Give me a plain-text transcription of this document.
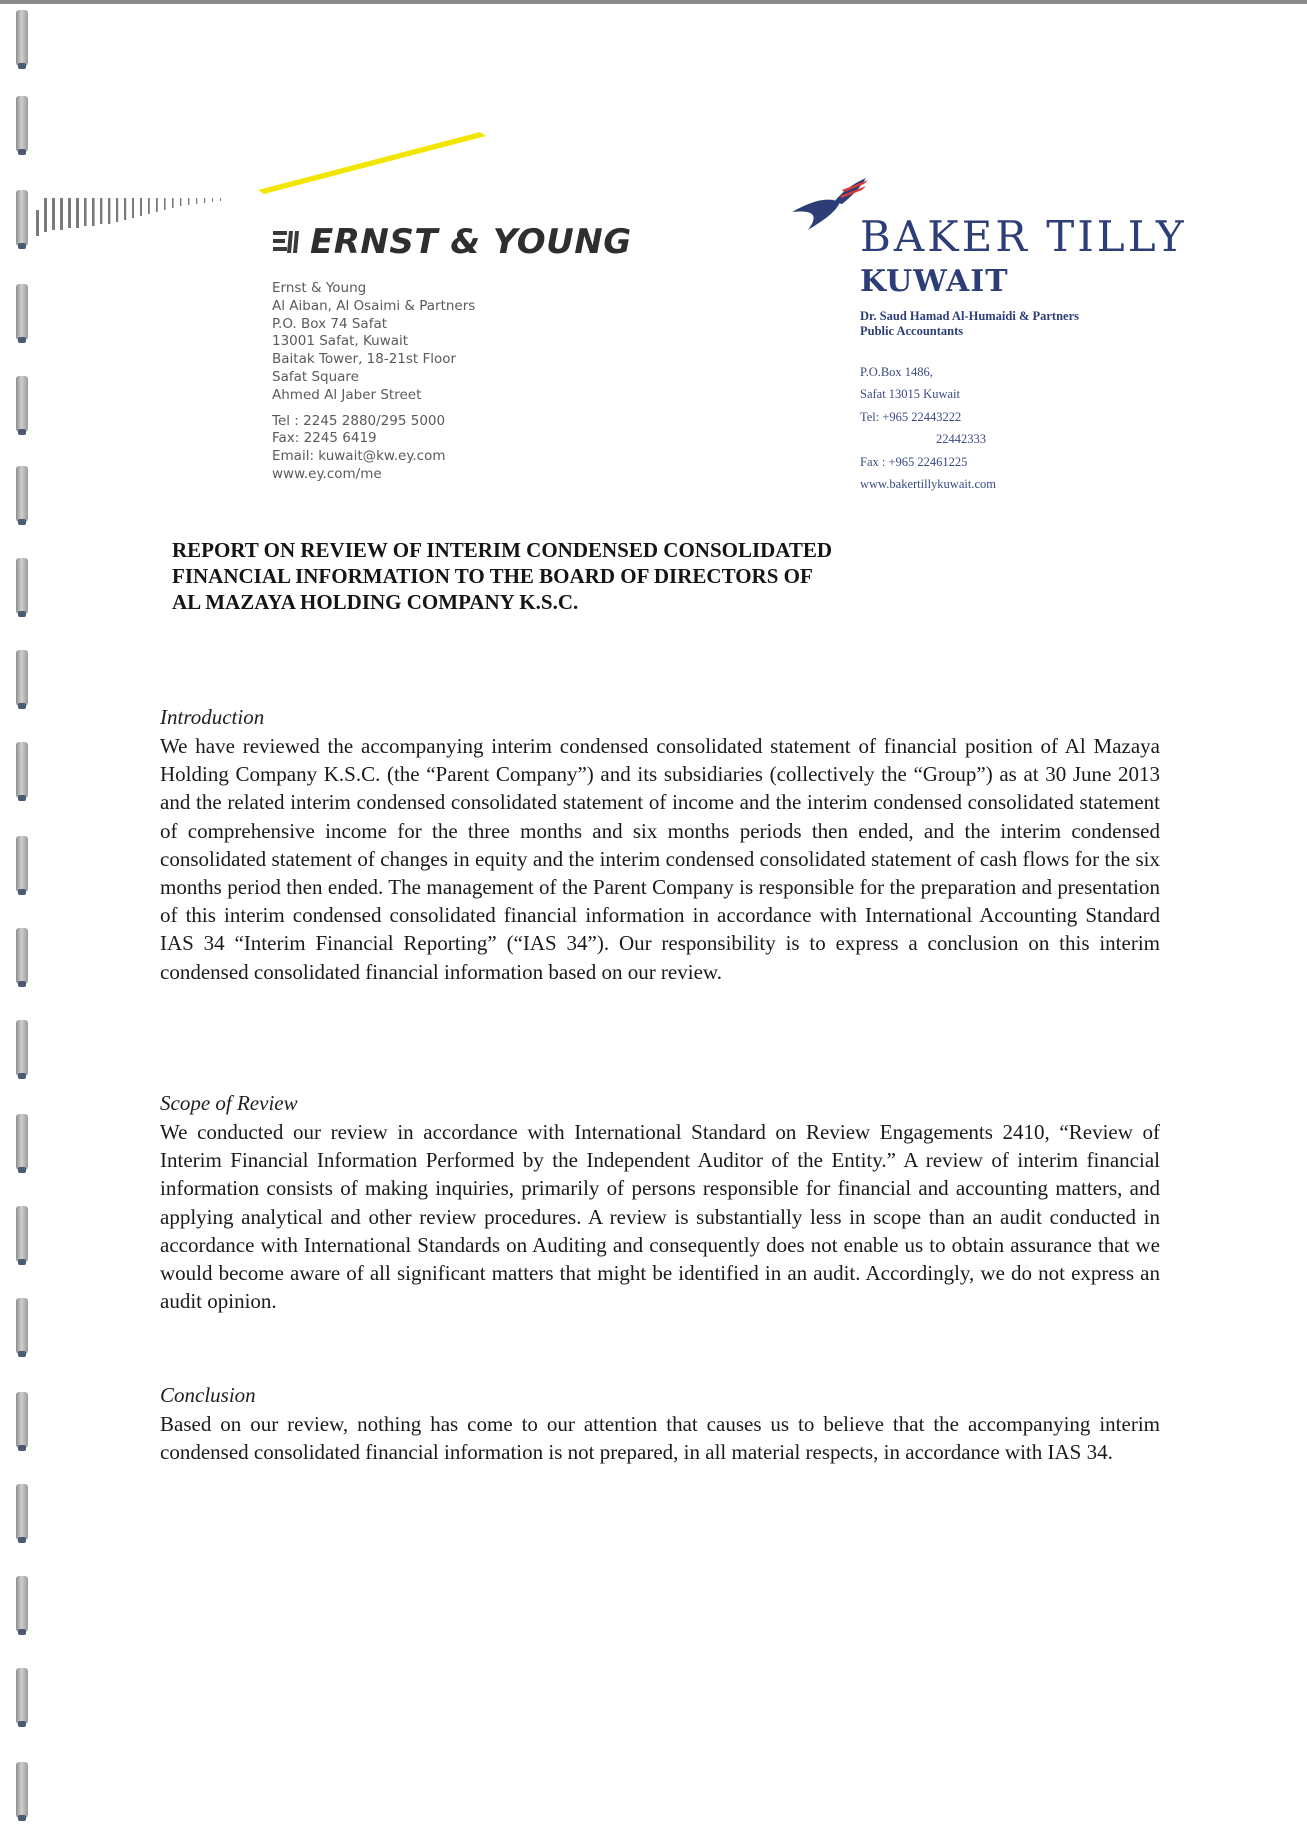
ERNST & YOUNG
Ernst & Young
Al Aiban, Al Osaimi & Partners
P.O. Box 74 Safat
13001 Safat, Kuwait
Baitak Tower, 18-21st Floor
Safat Square
Ahmed Al Jaber Street
Tel : 2245 2880/295 5000
Fax: 2245 6419
Email: kuwait@kw.ey.com
www.ey.com/me
BAKER TILLY
KUWAIT
Dr. Saud Hamad Al-Humaidi & Partners
Public Accountants
P.O.Box 1486,
Safat 13015 Kuwait
Tel: +965 22443222
22442333
Fax : +965 22461225
www.bakertillykuwait.com
REPORT ON REVIEW OF INTERIM CONDENSED CONSOLIDATED
FINANCIAL INFORMATION TO THE BOARD OF DIRECTORS OF
AL MAZAYA HOLDING COMPANY K.S.C.
Introduction
We have reviewed the accompanying interim condensed consolidated statement of financial position of Al Mazaya Holding Company K.S.C. (the “Parent Company”) and its subsidiaries (collectively the “Group”) as at 30 June 2013 and the related interim condensed consolidated statement of income and the interim condensed consolidated statement of comprehensive income for the three months and six months periods then ended, and the interim condensed consolidated statement of changes in equity and the interim condensed consolidated statement of cash flows for the six months period then ended. The management of the Parent Company is responsible for the preparation and presentation of this interim condensed consolidated financial information in accordance with International Accounting Standard IAS 34 “Interim Financial Reporting” (“IAS 34”). Our responsibility is to express a conclusion on this interim condensed consolidated financial information based on our review.
Scope of Review
We conducted our review in accordance with International Standard on Review Engagements 2410, “Review of Interim Financial Information Performed by the Independent Auditor of the Entity.” A review of interim financial information consists of making inquiries, primarily of persons responsible for financial and accounting matters, and applying analytical and other review procedures. A review is substantially less in scope than an audit conducted in accordance with International Standards on Auditing and consequently does not enable us to obtain assurance that we would become aware of all significant matters that might be identified in an audit. Accordingly, we do not express an audit opinion.
Conclusion
Based on our review, nothing has come to our attention that causes us to believe that the accompanying interim condensed consolidated financial information is not prepared, in all material respects, in accordance with IAS 34.
